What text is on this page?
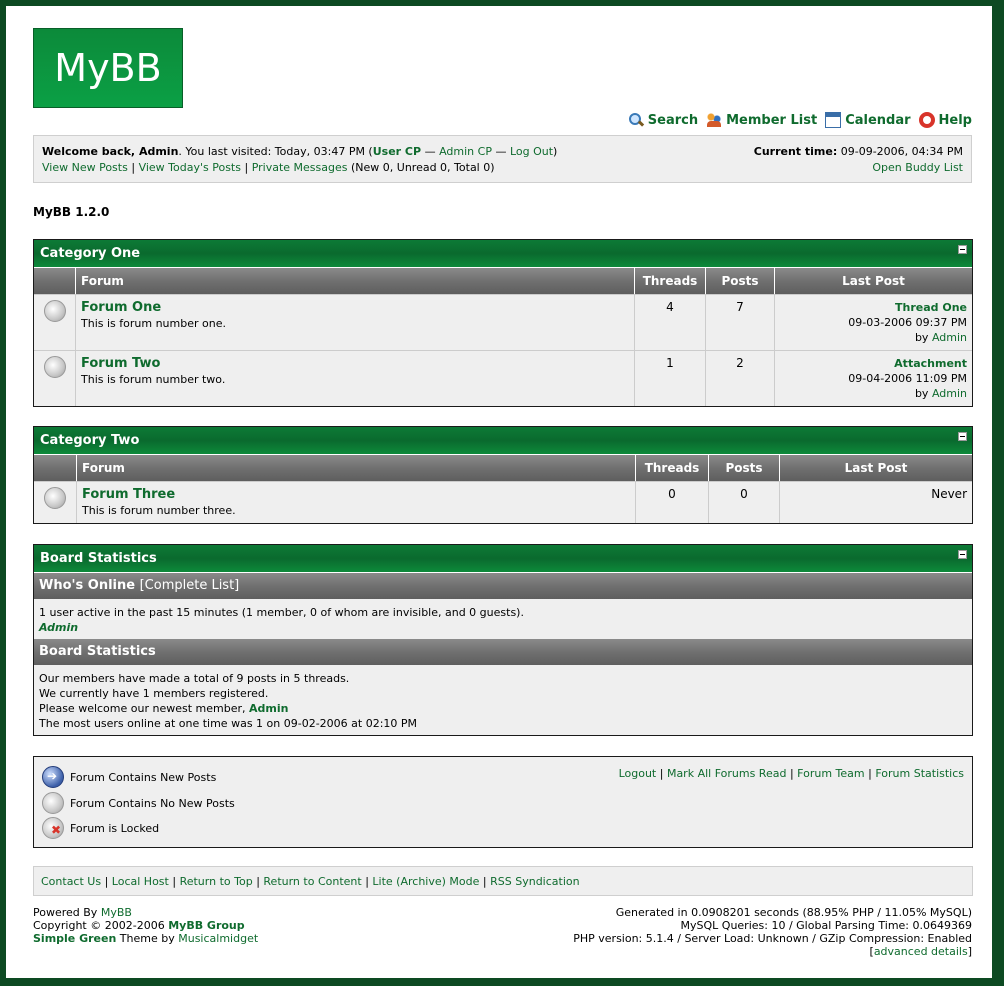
MyBB
Search Member List Calendar Help
Welcome back, Admin. You last visited: Today, 03:47 PM (User CP — Admin CP — Log Out)
View New Posts | View Today's Posts | Private Messages (New 0, Unread 0, Total 0)
Current time: 09-09-2006, 04:34 PM
Open Buddy List
MyBB 1.2.0
Category One
Forum	Threads	Posts	Last Post
Forum One
This is forum number one.
4	7	Thread One
09-03-2006 09:37 PM
by Admin
Forum Two
This is forum number two.
1	2	Attachment
09-04-2006 11:09 PM
by Admin
Category Two
Forum	Threads	Posts	Last Post
Forum Three
This is forum number three.
0	0	Never
Board Statistics
Who's Online [Complete List]
1 user active in the past 15 minutes (1 member, 0 of whom are invisible, and 0 guests).
Admin
Board Statistics
Our members have made a total of 9 posts in 5 threads.
We currently have 1 members registered.
Please welcome our newest member, Admin
The most users online at one time was 1 on 09-02-2006 at 02:10 PM
➔
Forum Contains New Posts
Forum Contains No New Posts
✖
Forum is Locked
Logout | Mark All Forums Read | Forum Team | Forum Statistics
Contact Us | Local Host | Return to Top | Return to Content | Lite (Archive) Mode | RSS Syndication
Powered By MyBB
Copyright © 2002-2006 MyBB Group
Simple Green Theme by Musicalmidget
Generated in 0.0908201 seconds (88.95% PHP / 11.05% MySQL)
MySQL Queries: 10 / Global Parsing Time: 0.0649369
PHP version: 5.1.4 / Server Load: Unknown / GZip Compression: Enabled
[advanced details]
